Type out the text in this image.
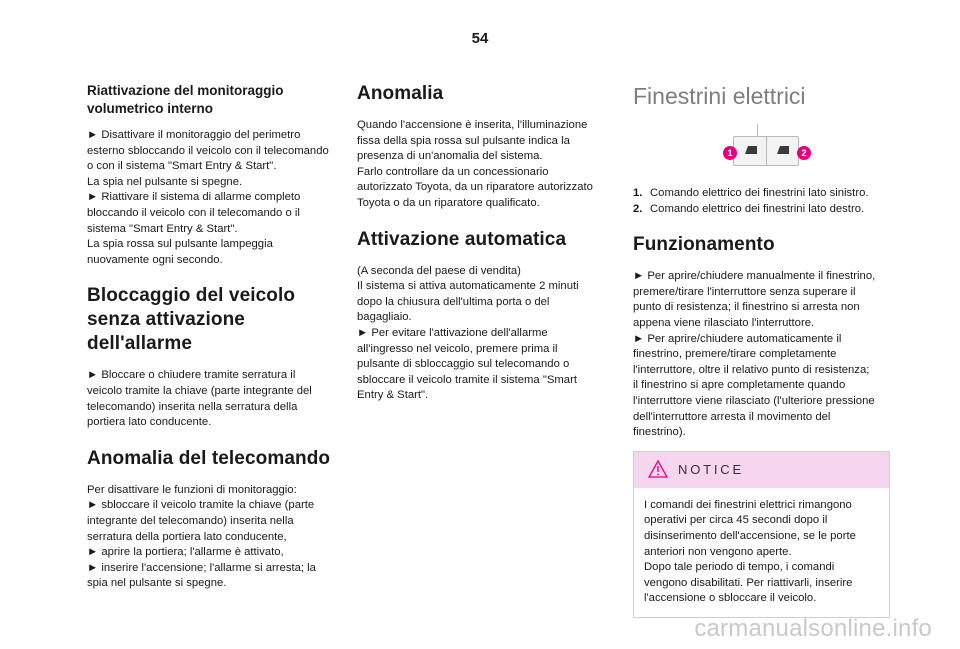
54
Riattivazione del monitoraggio volumetrico interno
► Disattivare il monitoraggio del perimetro
esterno sbloccando il veicolo con il telecomando
o con il sistema "Smart Entry & Start".
La spia nel pulsante si spegne.
► Riattivare il sistema di allarme completo
bloccando il veicolo con il telecomando o il
sistema "Smart Entry & Start".
La spia rossa sul pulsante lampeggia
nuovamente ogni secondo.
Bloccaggio del veicolo
senza attivazione
dell'allarme
► Bloccare o chiudere tramite serratura il
veicolo tramite la chiave (parte integrante del
telecomando) inserita nella serratura della
portiera lato conducente.
Anomalia del telecomando
Per disattivare le funzioni di monitoraggio:
► sbloccare il veicolo tramite la chiave (parte
integrante del telecomando) inserita nella
serratura della portiera lato conducente,
► aprire la portiera; l'allarme è attivato,
► inserire l'accensione; l'allarme si arresta; la
spia nel pulsante si spegne.
Anomalia
Quando l'accensione è inserita, l'illuminazione
fissa della spia rossa sul pulsante indica la
presenza di un'anomalia del sistema.
Farlo controllare da un concessionario
autorizzato Toyota, da un riparatore autorizzato
Toyota o da un riparatore qualificato.
Attivazione automatica
(A seconda del paese di vendita)
Il sistema si attiva automaticamente 2 minuti
dopo la chiusura dell'ultima porta o del
bagagliaio.
► Per evitare l'attivazione dell'allarme
all'ingresso nel veicolo, premere prima il
pulsante di sbloccaggio sul telecomando o
sbloccare il veicolo tramite il sistema "Smart
Entry & Start".
Finestrini elettrici
1	2
1. Comando elettrico dei finestrini lato sinistro.
2. Comando elettrico dei finestrini lato destro.
Funzionamento
► Per aprire/chiudere manualmente il finestrino,
premere/tirare l'interruttore senza superare il
punto di resistenza; il finestrino si arresta non
appena viene rilasciato l'interruttore.
► Per aprire/chiudere automaticamente il
finestrino, premere/tirare completamente
l'interruttore, oltre il relativo punto di resistenza;
il finestrino si apre completamente quando
l'interruttore viene rilasciato (l'ulteriore pressione
dell'interruttore arresta il movimento del
finestrino).
NOTICE
I comandi dei finestrini elettrici rimangono
operativi per circa 45 secondi dopo il
disinserimento dell'accensione, se le porte
anteriori non vengono aperte.
Dopo tale periodo di tempo, i comandi
vengono disabilitati. Per riattivarli, inserire
l'accensione o sbloccare il veicolo.
carmanualsonline.info
